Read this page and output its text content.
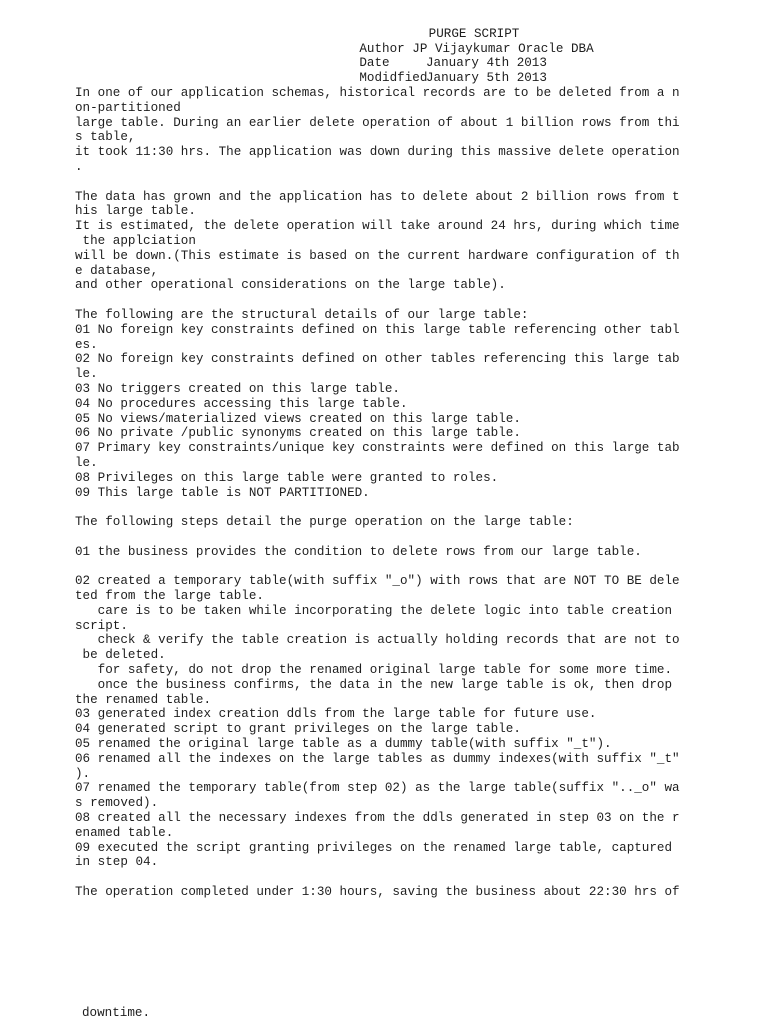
PURGE SCRIPT

Author JP Vijaykumar Oracle DBA

Date	January 4th 2013

Modidfied
January 5th 2013

In one of our application schemas, historical records are to be deleted from a n
on-partitioned
large table. During an earlier delete operation of about 1 billion rows from thi
s table,
it took 11:30 hrs. The application was down during this massive delete operation
.
The data has grown and the application has to delete about 2 billion rows from t
his large table.
It is estimated, the delete operation will take around 24 hrs, during which time
the applciation
will be down.(This estimate is based on the current hardware configuration of th
e database,
and other operational considerations on the large table).
The following are the structural details of our large table:
01 No foreign key constraints defined on this large table referencing other tabl
es.
02 No foreign key constraints defined on other tables referencing this large tab
le.
03 No triggers created on this large table.
04 No procedures accessing this large table.
05 No views/materialized views created on this large table.
06 No private /public synonyms created on this large table.
07 Primary key constraints/unique key constraints were defined on this large tab
le.
08 Privileges on this large table were granted to roles.
09 This large table is NOT PARTITIONED.
The following steps detail the purge operation on the large table:
01 the business provides the condition to delete rows from our large table.
02 created a temporary table(with suffix "_o") with rows that are NOT TO BE dele
ted from the large table.
care is to be taken while incorporating the delete logic into table creation
script.
check & verify the table creation is actually holding records that are not to
be deleted.
for safety, do not drop the renamed original large table for some more time.
once the business confirms, the data in the new large table is ok, then drop
the renamed table.
03 generated index creation ddls from the large table for future use.
04 generated script to grant privileges on the large table.
05 renamed the original large table as a dummy table(with suffix "_t").
06 renamed all the indexes on the large tables as dummy indexes(with suffix "_t"
).
07 renamed the temporary table(from step 02) as the large table(suffix ".._o" wa
s removed).
08 created all the necessary indexes from the ddls generated in step 03 on the r
enamed table.
09 executed the script granting privileges on the renamed large table, captured
in step 04.
The operation completed under 1:30 hours, saving the business about 22:30 hrs of
downtime.
